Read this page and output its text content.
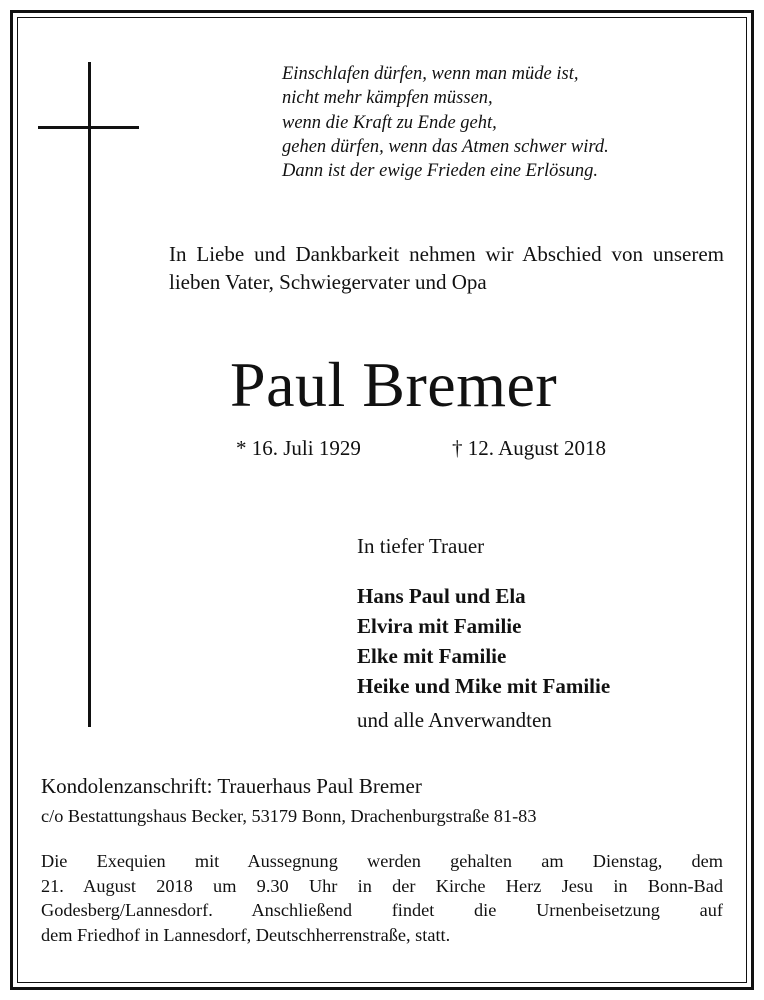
Einschlafen dürfen, wenn man müde ist,
nicht mehr kämpfen müssen,
wenn die Kraft zu Ende geht,
gehen dürfen, wenn das Atmen schwer wird.
Dann ist der ewige Frieden eine Erlösung.

In Liebe und Dankbarkeit nehmen wir Abschied von unserem lieben Vater, Schwiegervater und Opa

Paul Bremer
* 16. Juli 1929	† 12. August 2018
In tiefer Trauer
Hans Paul und Ela
Elvira mit Familie
Elke mit Familie
Heike und Mike mit Familie
und alle Anverwandten
Kondolenzanschrift: Trauerhaus Paul Bremer
c/o Bestattungshaus Becker, 53179 Bonn, Drachenburgstraße 81-83
Die Exequien mit Aussegnung werden gehalten am Dienstag, dem
21. August 2018 um 9.30 Uhr in der Kirche Herz Jesu in Bonn-Bad
Godesberg/Lannesdorf. Anschließend findet die Urnenbeisetzung auf
dem Friedhof in Lannesdorf, Deutschherrenstraße, statt.
